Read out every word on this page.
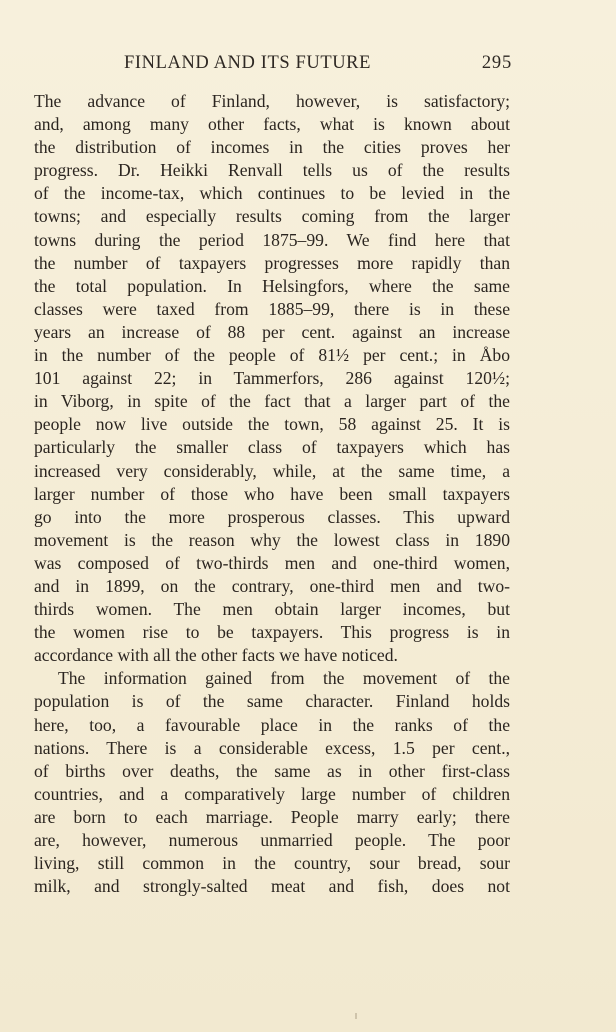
FINLAND AND ITS FUTURE	295
The advance of Finland, however, is satisfactory;
and, among many other facts, what is known about
the distribution of incomes in the cities proves her
progress. Dr. Heikki Renvall tells us of the results
of the income-tax, which continues to be levied in the
towns; and especially results coming from the larger
towns during the period 1875–99. We find here that
the number of taxpayers progresses more rapidly than
the total population. In Helsingfors, where the same
classes were taxed from 1885–99, there is in these
years an increase of 88 per cent. against an increase
in the number of the people of 81½ per cent.; in Åbo
101 against 22; in Tammerfors, 286 against 120½;
in Viborg, in spite of the fact that a larger part of the
people now live outside the town, 58 against 25. It is
particularly the smaller class of taxpayers which has
increased very considerably, while, at the same time, a
larger number of those who have been small taxpayers
go into the more prosperous classes. This upward
movement is the reason why the lowest class in 1890
was composed of two-thirds men and one-third women,
and in 1899, on the contrary, one-third men and two-
thirds women. The men obtain larger incomes, but
the women rise to be taxpayers. This progress is in
accordance with all the other facts we have noticed.
The information gained from the movement of the
population is of the same character. Finland holds
here, too, a favourable place in the ranks of the
nations. There is a considerable excess, 1.5 per cent.,
of births over deaths, the same as in other first-class
countries, and a comparatively large number of children
are born to each marriage. People marry early; there
are, however, numerous unmarried people. The poor
living, still common in the country, sour bread, sour
milk, and strongly-salted meat and fish, does not
